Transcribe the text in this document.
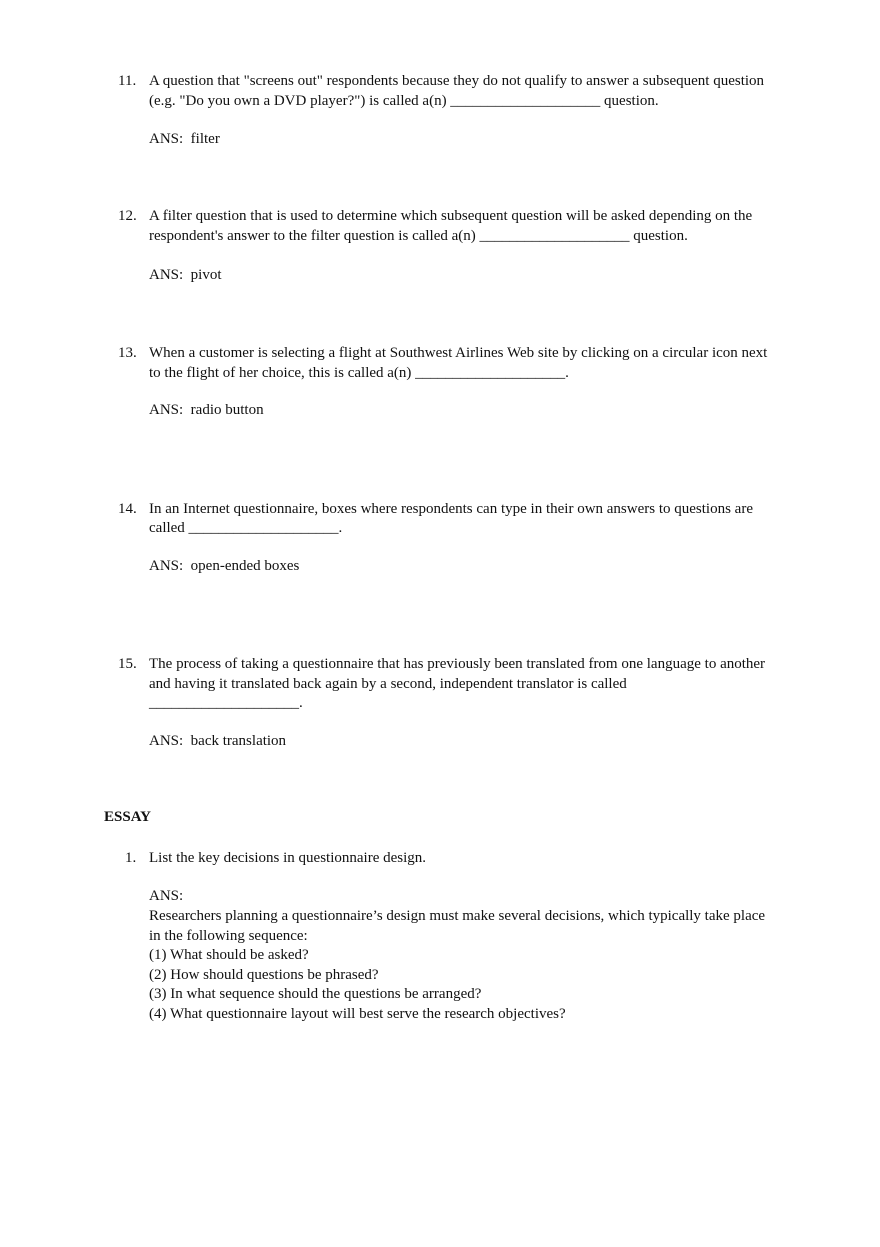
11. A question that "screens out" respondents because they do not qualify to answer a subsequent question
(e.g. "Do you own a DVD player?") is called a(n) ____________________ question.
ANS:  filter
12. A filter question that is used to determine which subsequent question will be asked depending on the
respondent's answer to the filter question is called a(n) ____________________ question.
ANS:  pivot
13. When a customer is selecting a flight at Southwest Airlines Web site by clicking on a circular icon next
to the flight of her choice, this is called a(n) ____________________.
ANS:  radio button
14. In an Internet questionnaire, boxes where respondents can type in their own answers to questions are
called ____________________.
ANS:  open-ended boxes
15. The process of taking a questionnaire that has previously been translated from one language to another
and having it translated back again by a second, independent translator is called
____________________.
ANS:  back translation
ESSAY
1. List the key decisions in questionnaire design.
ANS:
Researchers planning a questionnaire’s design must make several decisions, which typically take place
in the following sequence:
(1) What should be asked?
(2) How should questions be phrased?
(3) In what sequence should the questions be arranged?
(4) What questionnaire layout will best serve the research objectives?
